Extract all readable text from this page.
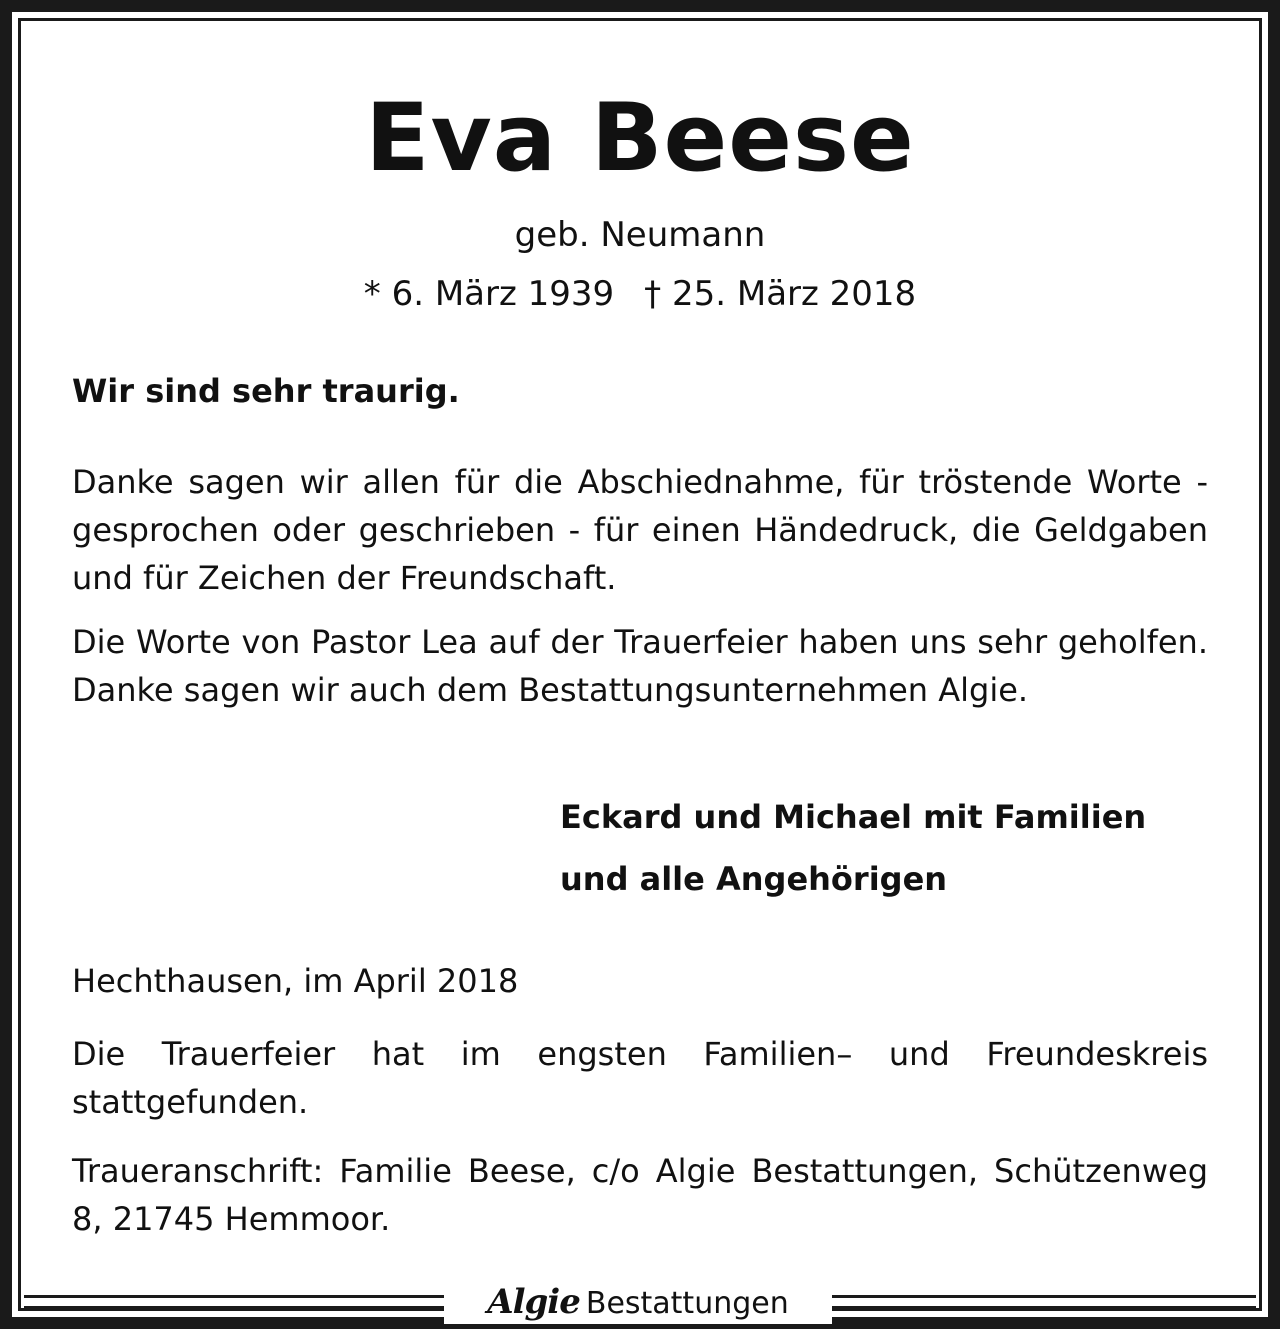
Eva Beese
geb. Neumann
* 6. März 1939 † 25. März 2018
Wir sind sehr traurig.
Danke sagen wir allen für die Abschiednahme, für tröstende Worte - gesprochen oder geschrieben - für einen Händedruck, die Geldgaben und für Zeichen der Freundschaft.
Die Worte von Pastor Lea auf der Trauerfeier haben uns sehr geholfen. Danke sagen wir auch dem Bestattungsunternehmen Algie.
Eckard und Michael mit Familien
und alle Angehörigen
Hechthausen, im April 2018
Die Trauerfeier hat im engsten Familien– und Freundeskreis stattgefunden.
Traueranschrift: Familie Beese, c/o Algie Bestattungen, Schützenweg 8, 21745 Hemmoor.
Algie Bestattungen
